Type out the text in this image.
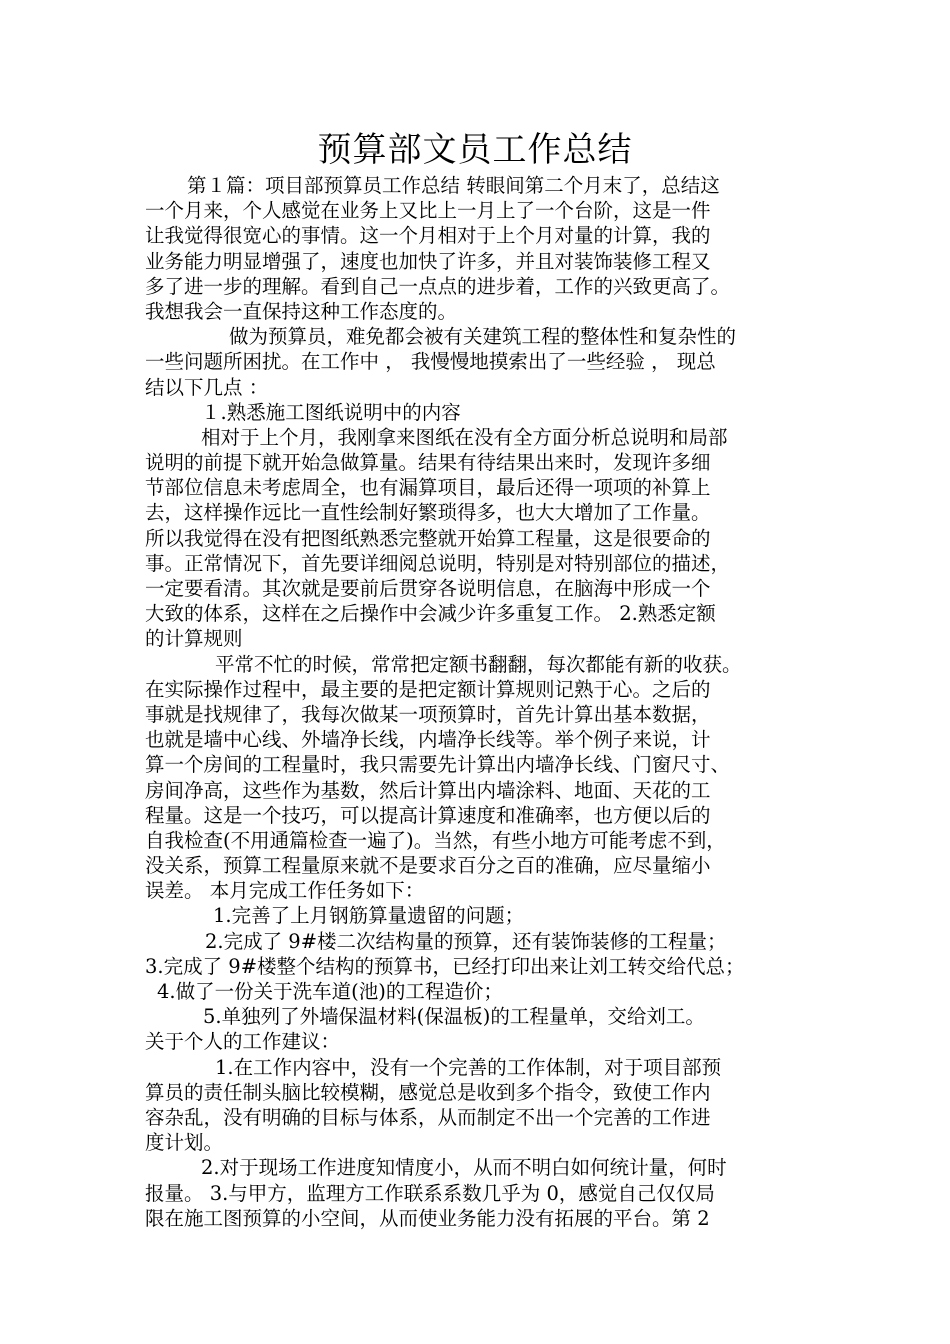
预算部文员工作总结
第１篇：项目部预算员工作总结 转眼间第二个月末了，总结这
一个月来，个人感觉在业务上又比上一月上了一个台阶，这是一件
让我觉得很宽心的事情。这一个月相对于上个月对量的计算，我的
业务能力明显增强了，速度也加快了许多，并且对装饰装修工程又
多了进一步的理解。看到自己一点点的进步着，工作的兴致更高了。
我想我会一直保持这种工作态度的。
做为预算员，难免都会被有关建筑工程的整体性和复杂性的
一些问题所困扰。在工作中 ， 我慢慢地摸索出了一些经验 ， 现总
结以下几点 ：
１.熟悉施工图纸说明中的内容
相对于上个月，我刚拿来图纸在没有全方面分析总说明和局部
说明的前提下就开始急做算量。结果有待结果出来时，发现许多细
节部位信息未考虑周全，也有漏算项目，最后还得一项项的补算上
去，这样操作远比一直性绘制好繁琐得多，也大大增加了工作量。
所以我觉得在没有把图纸熟悉完整就开始算工程量，这是很要命的
事。正常情况下，首先要详细阅总说明，特别是对特别部位的描述，
一定要看清。其次就是要前后贯穿各说明信息，在脑海中形成一个
大致的体系，这样在之后操作中会减少许多重复工作。 2.熟悉定额
的计算规则
平常不忙的时候，常常把定额书翻翻，每次都能有新的收获。
在实际操作过程中，最主要的是把定额计算规则记熟于心。之后的
事就是找规律了，我每次做某一项预算时，首先计算出基本数据，
也就是墙中心线、外墙净长线，内墙净长线等。举个例子来说，计
算一个房间的工程量时，我只需要先计算出内墙净长线、门窗尺寸、
房间净高，这些作为基数，然后计算出内墙涂料、地面、天花的工
程量。这是一个技巧，可以提高计算速度和准确率，也方便以后的
自我检查(不用通篇检查一遍了)。当然，有些小地方可能考虑不到，
没关系，预算工程量原来就不是要求百分之百的准确，应尽量缩小
误差。 本月完成工作任务如下：
1.完善了上月钢筋算量遗留的问题；
2.完成了 9#楼二次结构量的预算，还有装饰装修的工程量；
3.完成了 9#楼整个结构的预算书，已经打印出来让刘工转交给代总；
4.做了一份关于洗车道(池)的工程造价；
5.单独列了外墙保温材料(保温板)的工程量单，交给刘工。
关于个人的工作建议：
1.在工作内容中，没有一个完善的工作体制，对于项目部预
算员的责任制头脑比较模糊，感觉总是收到多个指令，致使工作内
容杂乱，没有明确的目标与体系，从而制定不出一个完善的工作进
度计划。
2.对于现场工作进度知情度小，从而不明白如何统计量，何时
报量。 3.与甲方，监理方工作联系系数几乎为 0，感觉自己仅仅局
限在施工图预算的小空间，从而使业务能力没有拓展的平台。第 2
